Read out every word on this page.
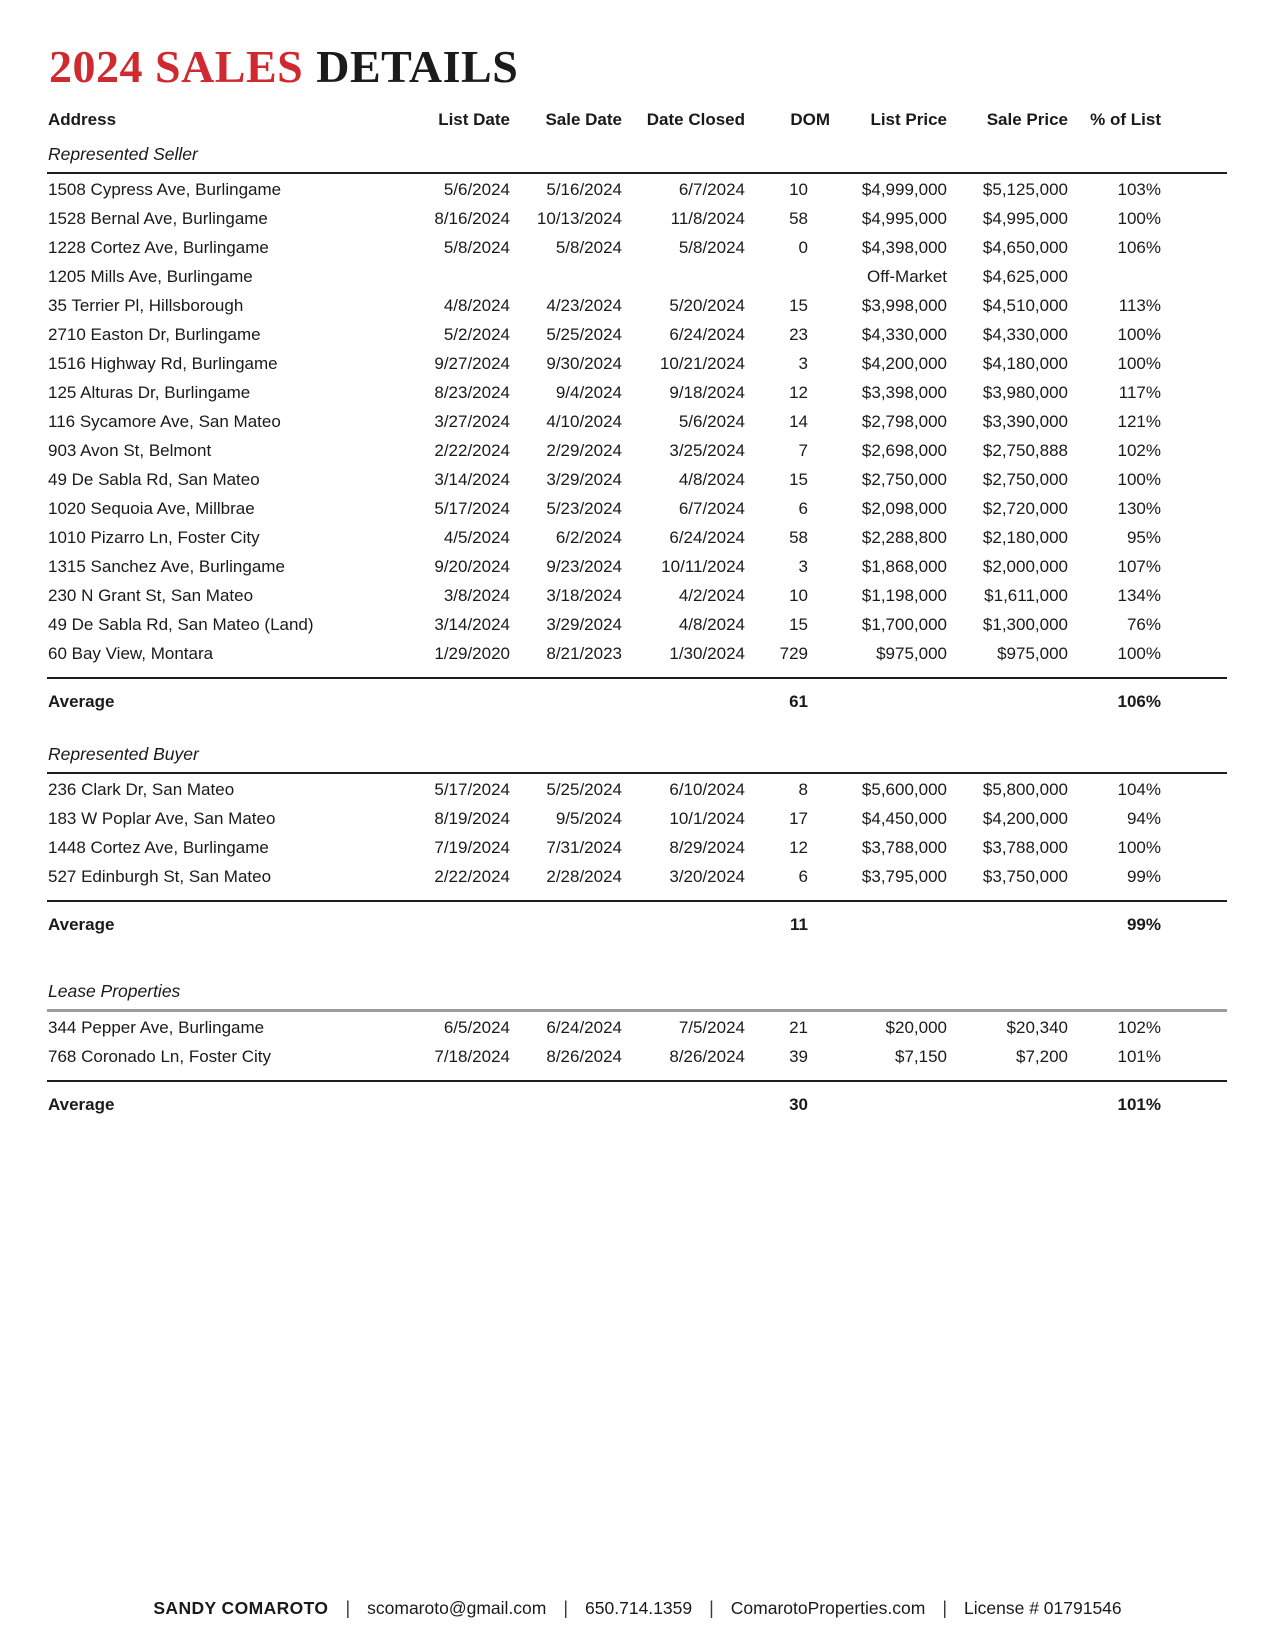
2024 SALES DETAILS
Address	List Date	Sale Date	Date Closed	DOM	List Price	Sale Price	% of List
Represented Seller							
1508 Cypress Ave, Burlingame	5/6/2024	5/16/2024	6/7/2024	10	$4,999,000	$5,125,000	103%
1528 Bernal Ave, Burlingame	8/16/2024	10/13/2024	11/8/2024	58	$4,995,000	$4,995,000	100%
1228 Cortez Ave, Burlingame	5/8/2024	5/8/2024	5/8/2024	0	$4,398,000	$4,650,000	106%
1205 Mills Ave, Burlingame					Off-Market	$4,625,000	
35 Terrier Pl, Hillsborough	4/8/2024	4/23/2024	5/20/2024	15	$3,998,000	$4,510,000	113%
2710 Easton Dr, Burlingame	5/2/2024	5/25/2024	6/24/2024	23	$4,330,000	$4,330,000	100%
1516 Highway Rd, Burlingame	9/27/2024	9/30/2024	10/21/2024	3	$4,200,000	$4,180,000	100%
125 Alturas Dr, Burlingame	8/23/2024	9/4/2024	9/18/2024	12	$3,398,000	$3,980,000	117%
116 Sycamore Ave, San Mateo	3/27/2024	4/10/2024	5/6/2024	14	$2,798,000	$3,390,000	121%
903 Avon St, Belmont	2/22/2024	2/29/2024	3/25/2024	7	$2,698,000	$2,750,888	102%
49 De Sabla Rd, San Mateo	3/14/2024	3/29/2024	4/8/2024	15	$2,750,000	$2,750,000	100%
1020 Sequoia Ave, Millbrae	5/17/2024	5/23/2024	6/7/2024	6	$2,098,000	$2,720,000	130%
1010 Pizarro Ln, Foster City	4/5/2024	6/2/2024	6/24/2024	58	$2,288,800	$2,180,000	95%
1315 Sanchez Ave, Burlingame	9/20/2024	9/23/2024	10/11/2024	3	$1,868,000	$2,000,000	107%
230 N Grant St, San Mateo	3/8/2024	3/18/2024	4/2/2024	10	$1,198,000	$1,611,000	134%
49 De Sabla Rd, San Mateo (Land)	3/14/2024	3/29/2024	4/8/2024	15	$1,700,000	$1,300,000	76%
60 Bay View, Montara	1/29/2020	8/21/2023	1/30/2024	729	$975,000	$975,000	100%
Average				61			106%
Represented Buyer							
236 Clark Dr, San Mateo	5/17/2024	5/25/2024	6/10/2024	8	$5,600,000	$5,800,000	104%
183 W Poplar Ave, San Mateo	8/19/2024	9/5/2024	10/1/2024	17	$4,450,000	$4,200,000	94%
1448 Cortez Ave, Burlingame	7/19/2024	7/31/2024	8/29/2024	12	$3,788,000	$3,788,000	100%
527 Edinburgh St, San Mateo	2/22/2024	2/28/2024	3/20/2024	6	$3,795,000	$3,750,000	99%
Average				11			99%
Lease Properties							
344 Pepper Ave, Burlingame	6/5/2024	6/24/2024	7/5/2024	21	$20,000	$20,340	102%
768 Coronado Ln, Foster City	7/18/2024	8/26/2024	8/26/2024	39	$7,150	$7,200	101%
Average				30			101%
SANDY COMAROTO | scomaroto@gmail.com | 650.714.1359 | ComarotoProperties.com | License # 01791546
